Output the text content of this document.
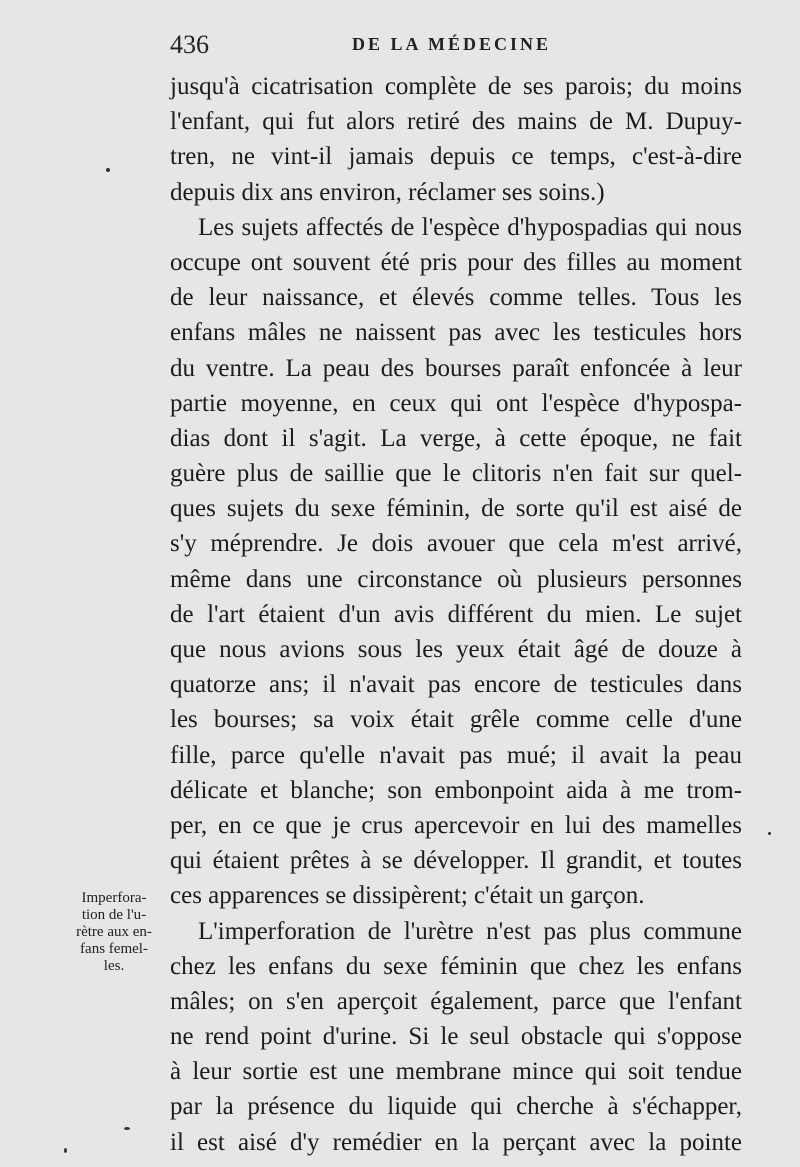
436	DE LA MÉDECINE
jusqu'à cicatrisation complète de ses parois; du moins
l'enfant, qui fut alors retiré des mains de M. Dupuy-
tren, ne vint-il jamais depuis ce temps, c'est-à-dire
depuis dix ans environ, réclamer ses soins.)
Les sujets affectés de l'espèce d'hypospadias qui nous
occupe ont souvent été pris pour des filles au moment
de leur naissance, et élevés comme telles. Tous les
enfans mâles ne naissent pas avec les testicules hors
du ventre. La peau des bourses paraît enfoncée à leur
partie moyenne, en ceux qui ont l'espèce d'hypospa-
dias dont il s'agit. La verge, à cette époque, ne fait
guère plus de saillie que le clitoris n'en fait sur quel-
ques sujets du sexe féminin, de sorte qu'il est aisé de
s'y méprendre. Je dois avouer que cela m'est arrivé,
même dans une circonstance où plusieurs personnes
de l'art étaient d'un avis différent du mien. Le sujet
que nous avions sous les yeux était âgé de douze à
quatorze ans; il n'avait pas encore de testicules dans
les bourses; sa voix était grêle comme celle d'une
fille, parce qu'elle n'avait pas mué; il avait la peau
délicate et blanche; son embonpoint aida à me trom-
per, en ce que je crus apercevoir en lui des mamelles
qui étaient prêtes à se développer. Il grandit, et toutes
ces apparences se dissipèrent; c'était un garçon.
L'imperforation de l'urètre n'est pas plus commune
chez les enfans du sexe féminin que chez les enfans
mâles; on s'en aperçoit également, parce que l'enfant
ne rend point d'urine. Si le seul obstacle qui s'oppose
à leur sortie est une membrane mince qui soit tendue
par la présence du liquide qui cherche à s'échapper,
il est aisé d'y remédier en la perçant avec la pointe
Imperfora-
tion de l'u-
rètre aux en-
fans femel-
les.
